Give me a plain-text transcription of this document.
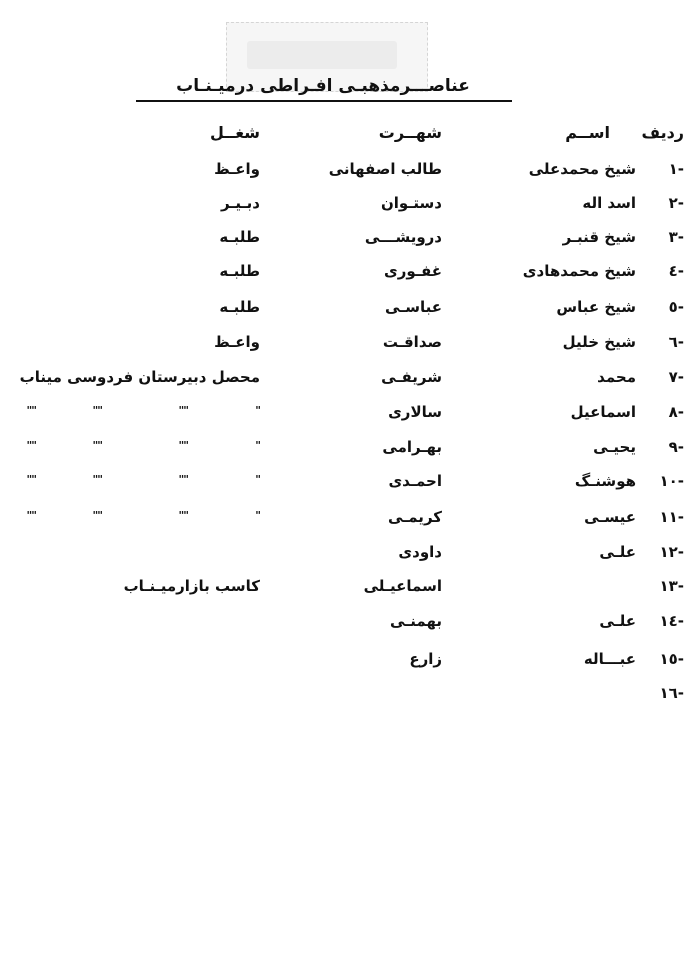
عناصـــرمذهبـی افـراطی درمیـنـاب
ردیف
اســم
شهــرت
شغــل
-١
شیخ محمدعلی
طالب اصفهانی
واعـظ
-٢
اسد اله
دستـوان
دبـیـر
-٣
شیخ قنبـر
درویشـــی
طلبـه
-٤
شیخ محمدهادی
غفـوری
طلبـه
-٥
شیخ عباس
عباسـی
طلبـه
-٦
شیخ خلیل
صداقـت
واعـظ
-٧
محمد
شریفـی
محصل دبیرستان فردوسی میناب
-٨
اسماعیل
سالاری
-٩
یحیـی
بهـرامی
-١٠
هوشنـگ
احمـدی
-١١
عیسـی
کریمـی
-١٢
علـی
داودی
-١٣
اسماعیـلی
کاسب بازارمیـنـاب
-١٤
علـی
بهمنـی
-١٥
عبـــاله
زارع
-١٦
"
""
""
""
"
""
""
""
"
""
""
""
"
""
""
""
